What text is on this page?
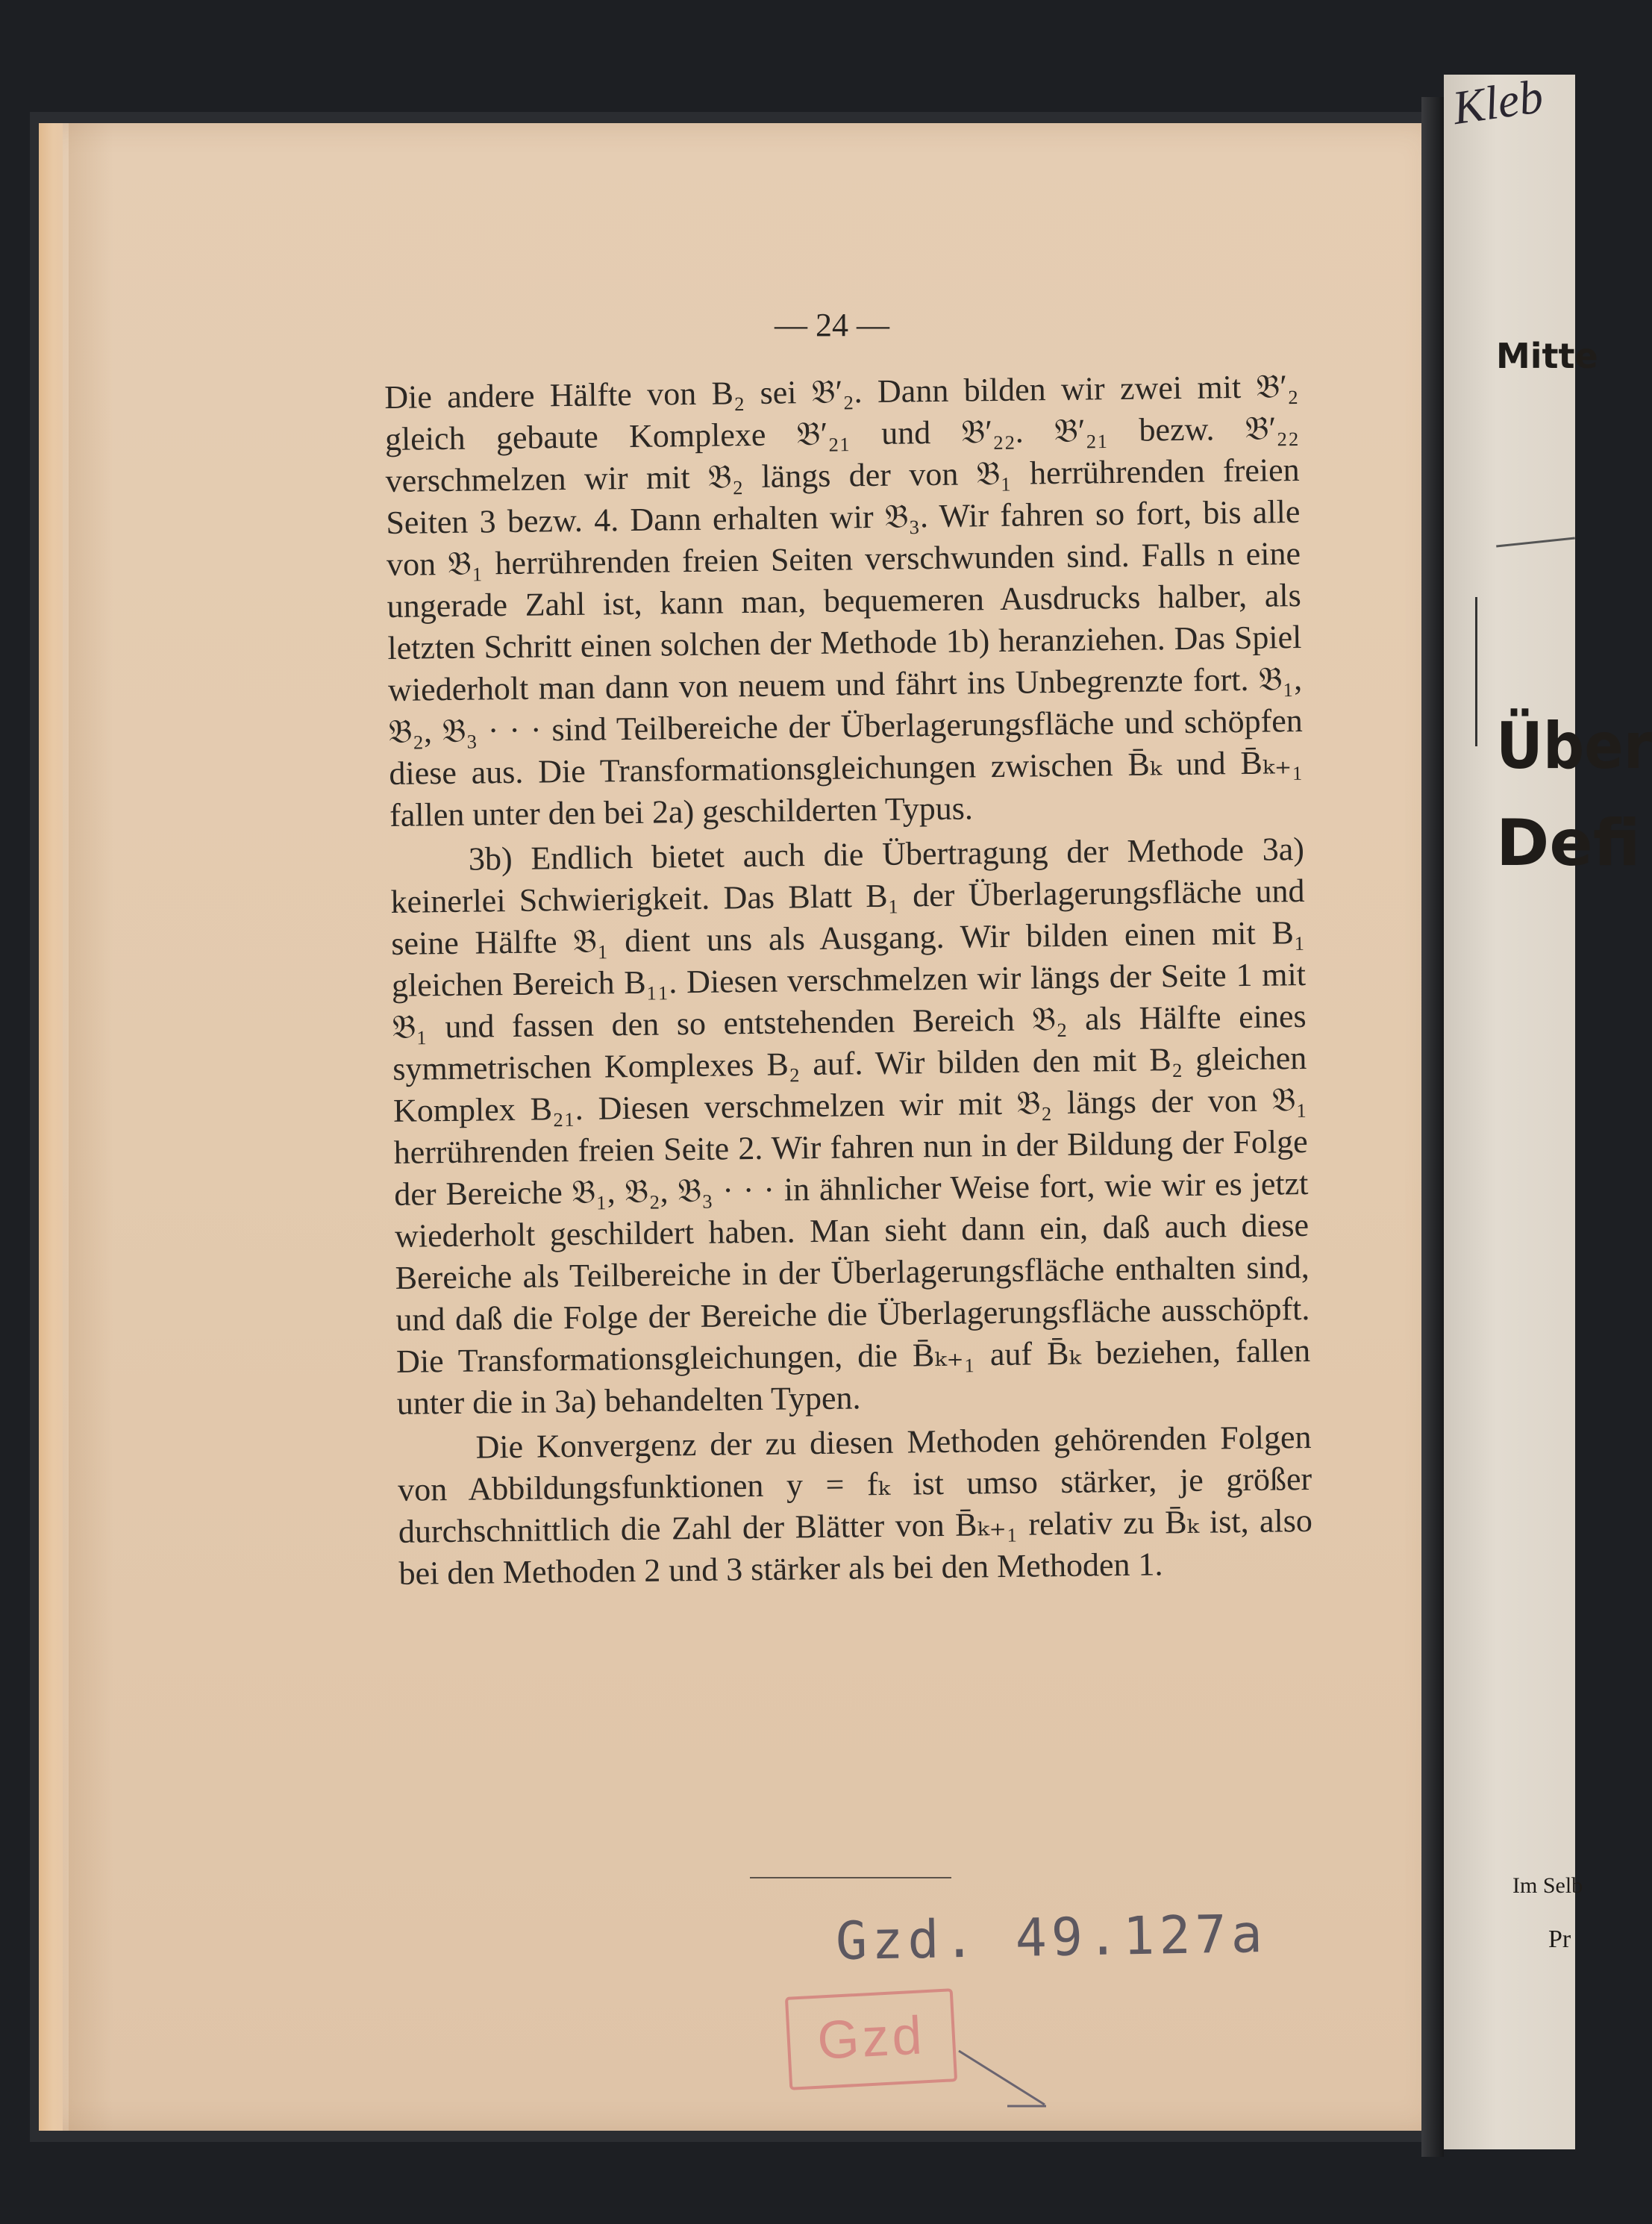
Kleb
Mitte
Über
Defi
Im Selb
Pr
— 24 —

Die andere Hälfte von B₂ sei 𝔅′₂. Dann bilden wir zwei mit 𝔅′₂ gleich gebaute Komplexe 𝔅′₂₁ und 𝔅′₂₂. 𝔅′₂₁ bezw. 𝔅′₂₂ verschmelzen wir mit 𝔅₂ längs der von 𝔅₁ herrührenden freien Seiten 3 bezw. 4. Dann erhalten wir 𝔅₃. Wir fahren so fort, bis alle von 𝔅₁ herrührenden freien Seiten verschwunden sind. Falls n eine ungerade Zahl ist, kann man, bequemeren Ausdrucks halber, als letzten Schritt einen solchen der Methode 1b) heranziehen. Das Spiel wiederholt man dann von neuem und fährt ins Unbegrenzte fort. 𝔅₁, 𝔅₂, 𝔅₃ · · · sind Teilbereiche der Überlagerungsfläche und schöpfen diese aus. Die Transformationsgleichungen zwischen B̄ₖ und B̄ₖ₊₁ fallen unter den bei 2a) geschilderten Typus.

3b) Endlich bietet auch die Übertragung der Methode 3a) keinerlei Schwierigkeit. Das Blatt B₁ der Überlagerungsfläche und seine Hälfte 𝔅₁ dient uns als Ausgang. Wir bilden einen mit B₁ gleichen Bereich B₁₁. Diesen verschmelzen wir längs der Seite 1 mit 𝔅₁ und fassen den so entstehenden Bereich 𝔅₂ als Hälfte eines symmetrischen Komplexes B₂ auf. Wir bilden den mit B₂ gleichen Komplex B₂₁. Diesen verschmelzen wir mit 𝔅₂ längs der von 𝔅₁ herrührenden freien Seite 2. Wir fahren nun in der Bildung der Folge der Bereiche 𝔅₁, 𝔅₂, 𝔅₃ · · · in ähnlicher Weise fort, wie wir es jetzt wiederholt geschildert haben. Man sieht dann ein, daß auch diese Bereiche als Teilbereiche in der Überlagerungsfläche enthalten sind, und daß die Folge der Bereiche die Überlagerungsfläche ausschöpft. Die Transformationsgleichungen, die B̄ₖ₊₁ auf B̄ₖ beziehen, fallen unter die in 3a) behandelten Typen.

Die Konvergenz der zu diesen Methoden gehörenden Folgen von Abbildungsfunktionen y = fₖ ist umso stärker, je größer durchschnittlich die Zahl der Blätter von B̄ₖ₊₁ relativ zu B̄ₖ ist, also bei den Methoden 2 und 3 stärker als bei den Methoden 1.

Gzd. 49.127a
Gzd
